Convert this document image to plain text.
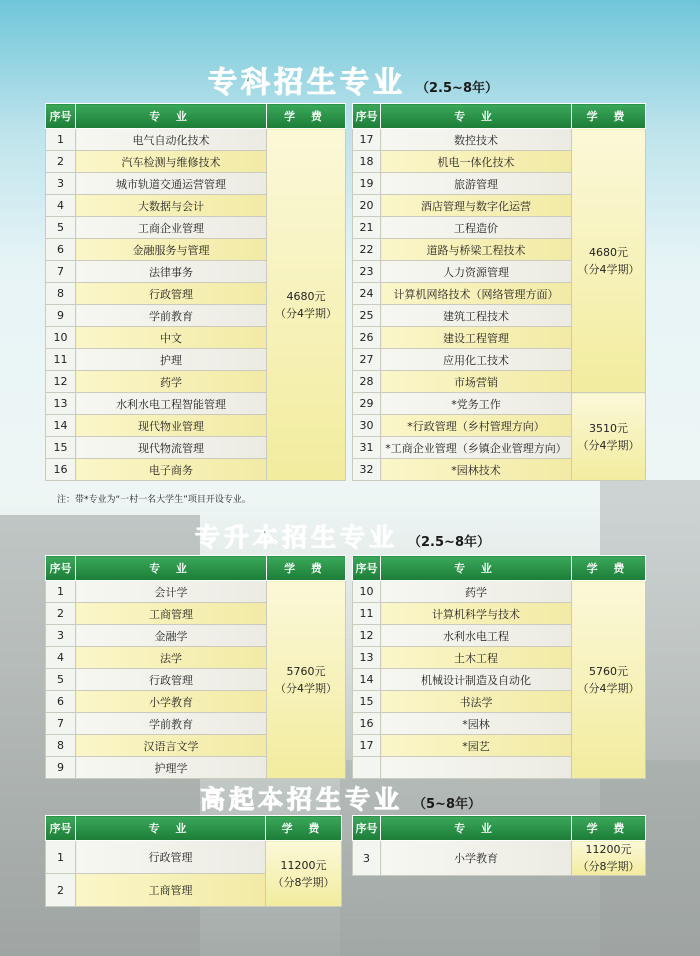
专科招生专业 （2.5~8年）
序号	专 业	学 费
1	电气自动化技术	4680元
（分4学期）

2	汽车检测与维修技术	
3	城市轨道交通运营管理	
4	大数据与会计	
5	工商企业管理	
6	金融服务与管理	
7	法律事务	
8	行政管理	
9	学前教育	
10	中文	
11	护理	
12	药学	
13	水利水电工程智能管理	
14	现代物业管理	
15	现代物流管理	
16	电子商务	
序号	专 业	学 费
17	数控技术	4680元
（分4学期）

18	机电一体化技术	
19	旅游管理	
20	酒店管理与数字化运营	
21	工程造价	
22	道路与桥梁工程技术	
23	人力资源管理	
24	计算机网络技术（网络管理方面）	
25	建筑工程技术	
26	建设工程管理	
27	应用化工技术	
28	市场营销	
29	*党务工作	3510元
（分4学期）

30	*行政管理（乡村管理方向）	
31	*工商企业管理（乡镇企业管理方向）	
32	*园林技术	
注：带*专业为“一村一名大学生”项目开设专业。
专升本招生专业 （2.5~8年）
序号	专 业	学 费
1	会计学	5760元
（分4学期）

2	工商管理	
3	金融学	
4	法学	
5	行政管理	
6	小学教育	
7	学前教育	
8	汉语言文学	
9	护理学	
序号	专 业	学 费
10	药学	5760元
（分4学期）

11	计算机科学与技术	
12	水利水电工程	
13	土木工程	
14	机械设计制造及自动化	
15	书法学	
16	*园林	
17	*园艺	

高起本招生专业 （5~8年）
序号	专 业	学 费
1	行政管理	11200元
（分8学期）

2	工商管理	
序号	专 业	学 费
3	小学教育	11200元
（分8学期）
